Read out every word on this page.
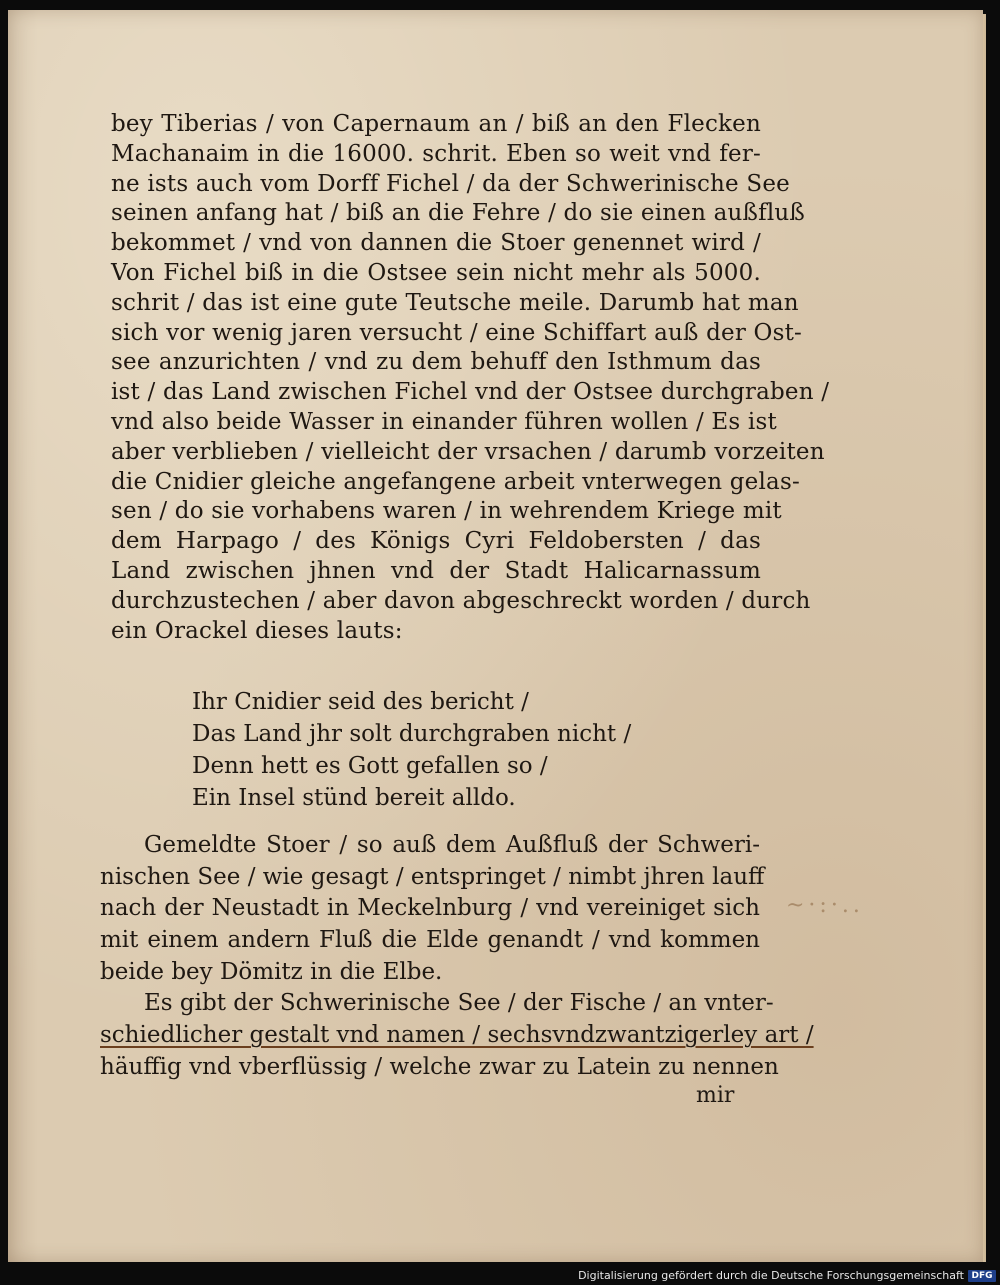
bey Tiberias / von Capernaum an / biß an den Flecken
Machanaim in die 16000. schrit. Eben so weit vnd fer-
ne ists auch vom Dorff Fichel / da der Schwerinische See
seinen anfang hat / biß an die Fehre / do sie einen außfluß
bekommet / vnd von dannen die Stoer genennet wird /
Von Fichel biß in die Ostsee sein nicht mehr als 5000.
schrit / das ist eine gute Teutsche meile. Darumb hat man
sich vor wenig jaren versucht / eine Schiffart auß der Ost-
see anzurichten / vnd zu dem behuff den Isthmum das
ist / das Land zwischen Fichel vnd der Ostsee durchgraben /
vnd also beide Wasser in einander führen wollen / Es ist
aber verblieben / vielleicht der vrsachen / darumb vorzeiten
die Cnidier gleiche angefangene arbeit vnterwegen gelas-
sen / do sie vorhabens waren / in wehrendem Kriege mit
dem Harpago / des Königs Cyri Feldobersten / das
Land zwischen jhnen vnd der Stadt Halicarnassum
durchzustechen / aber davon abgeschreckt worden / durch
ein Orackel dieses lauts:
Ihr Cnidier seid des bericht /
Das Land jhr solt durchgraben nicht /
Denn hett es Gott gefallen so /
Ein Insel stünd bereit alldo.
Gemeldte Stoer / so auß dem Außfluß der Schweri-
nischen See / wie gesagt / entspringet / nimbt jhren lauff
nach der Neustadt in Meckelnburg / vnd vereiniget sich
mit einem andern Fluß die Elde genandt / vnd kommen
beide bey Dömitz in die Elbe.
Es gibt der Schwerinische See / der Fische / an vnter-
schiedlicher gestalt vnd namen / sechsvndzwantzigerley art /
häuffig vnd vberflüssig / welche zwar zu Latein zu nennen
mir
~·:·..
Digitalisierung gefördert durch die Deutsche Forschungsgemeinschaft DFG
